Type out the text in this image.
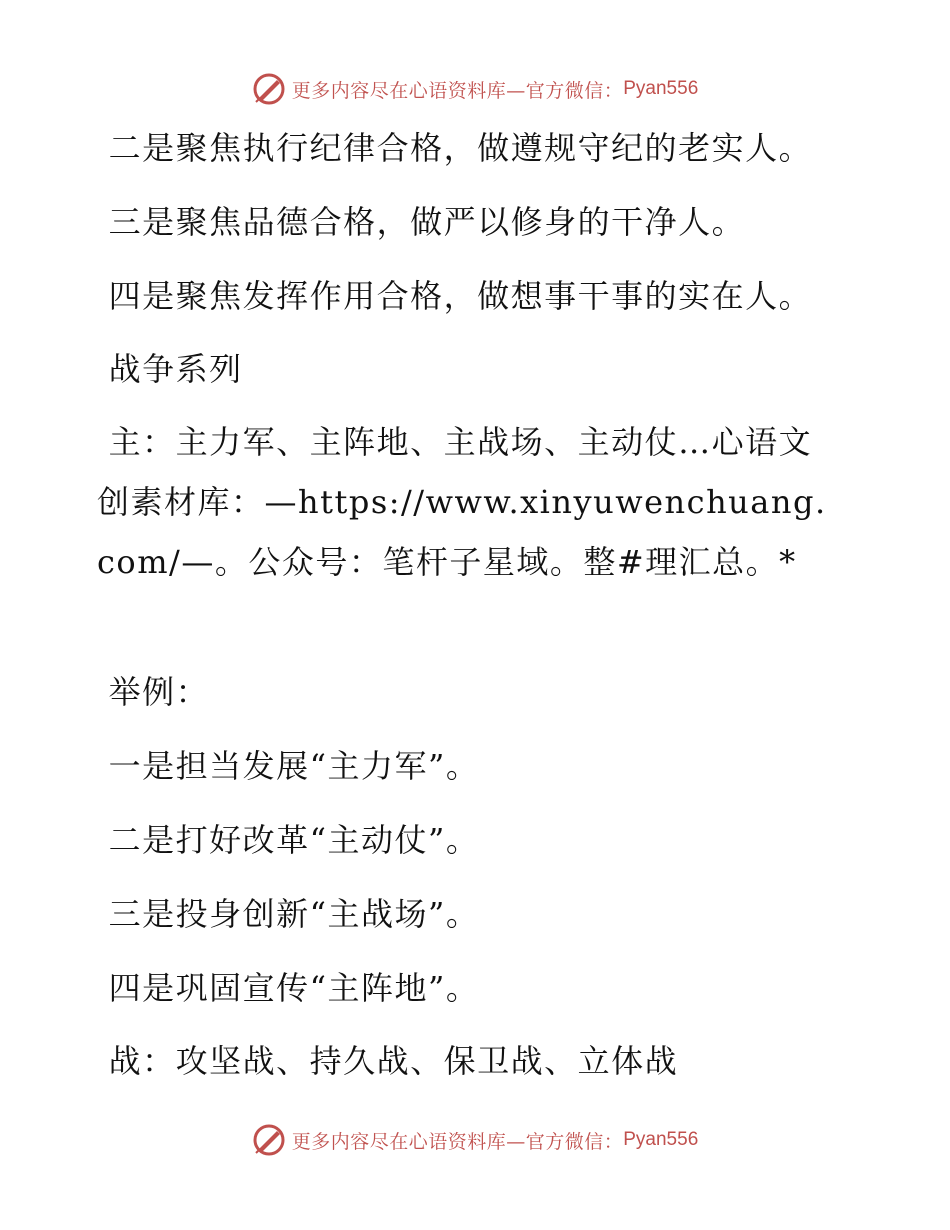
更多内容尽在心语资料库—官方微信： Pyan556

二是聚焦执行纪律合格，做遵规守纪的老实人。

三是聚焦品德合格，做严以修身的干净人。

四是聚焦发挥作用合格，做想事干事的实在人。

战争系列

主：主力军、主阵地、主战场、主动仗…心语文创素材库：—https://www.xinyuwenchuang.com/—。公众号：笔杆子星域。整#理汇总。*

举例：

一是担当发展“主力军”。

二是打好改革“主动仗”。

三是投身创新“主战场”。

四是巩固宣传“主阵地”。

战：攻坚战、持久战、保卫战、立体战

更多内容尽在心语资料库—官方微信： Pyan556
